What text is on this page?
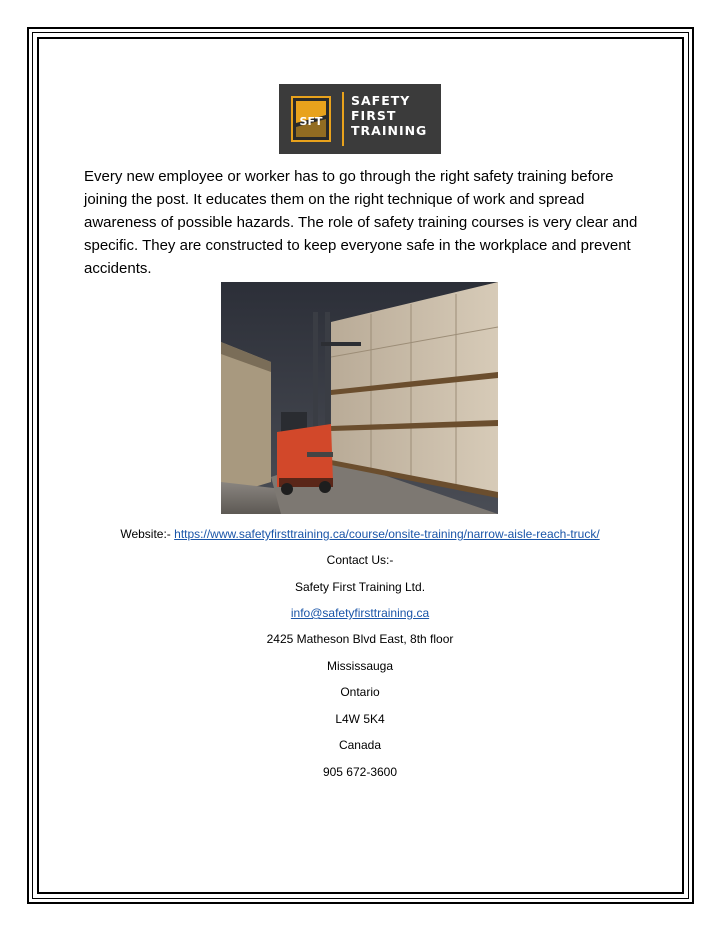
SFT
SAFETY
FIRST
TRAINING

Every new employee or worker has to go through the right safety training before joining the post. It educates them on the right technique of work and spread awareness of possible hazards. The role of safety training courses is very clear and specific. They are constructed to keep everyone safe in the workplace and prevent accidents.

Website:- https://www.safetyfirsttraining.ca/course/onsite-training/narrow-aisle-reach-truck/
Contact Us:-
Safety First Training Ltd.
info@safetyfirsttraining.ca
2425 Matheson Blvd East, 8th floor
Mississauga
Ontario
L4W 5K4
Canada
905 672-3600
